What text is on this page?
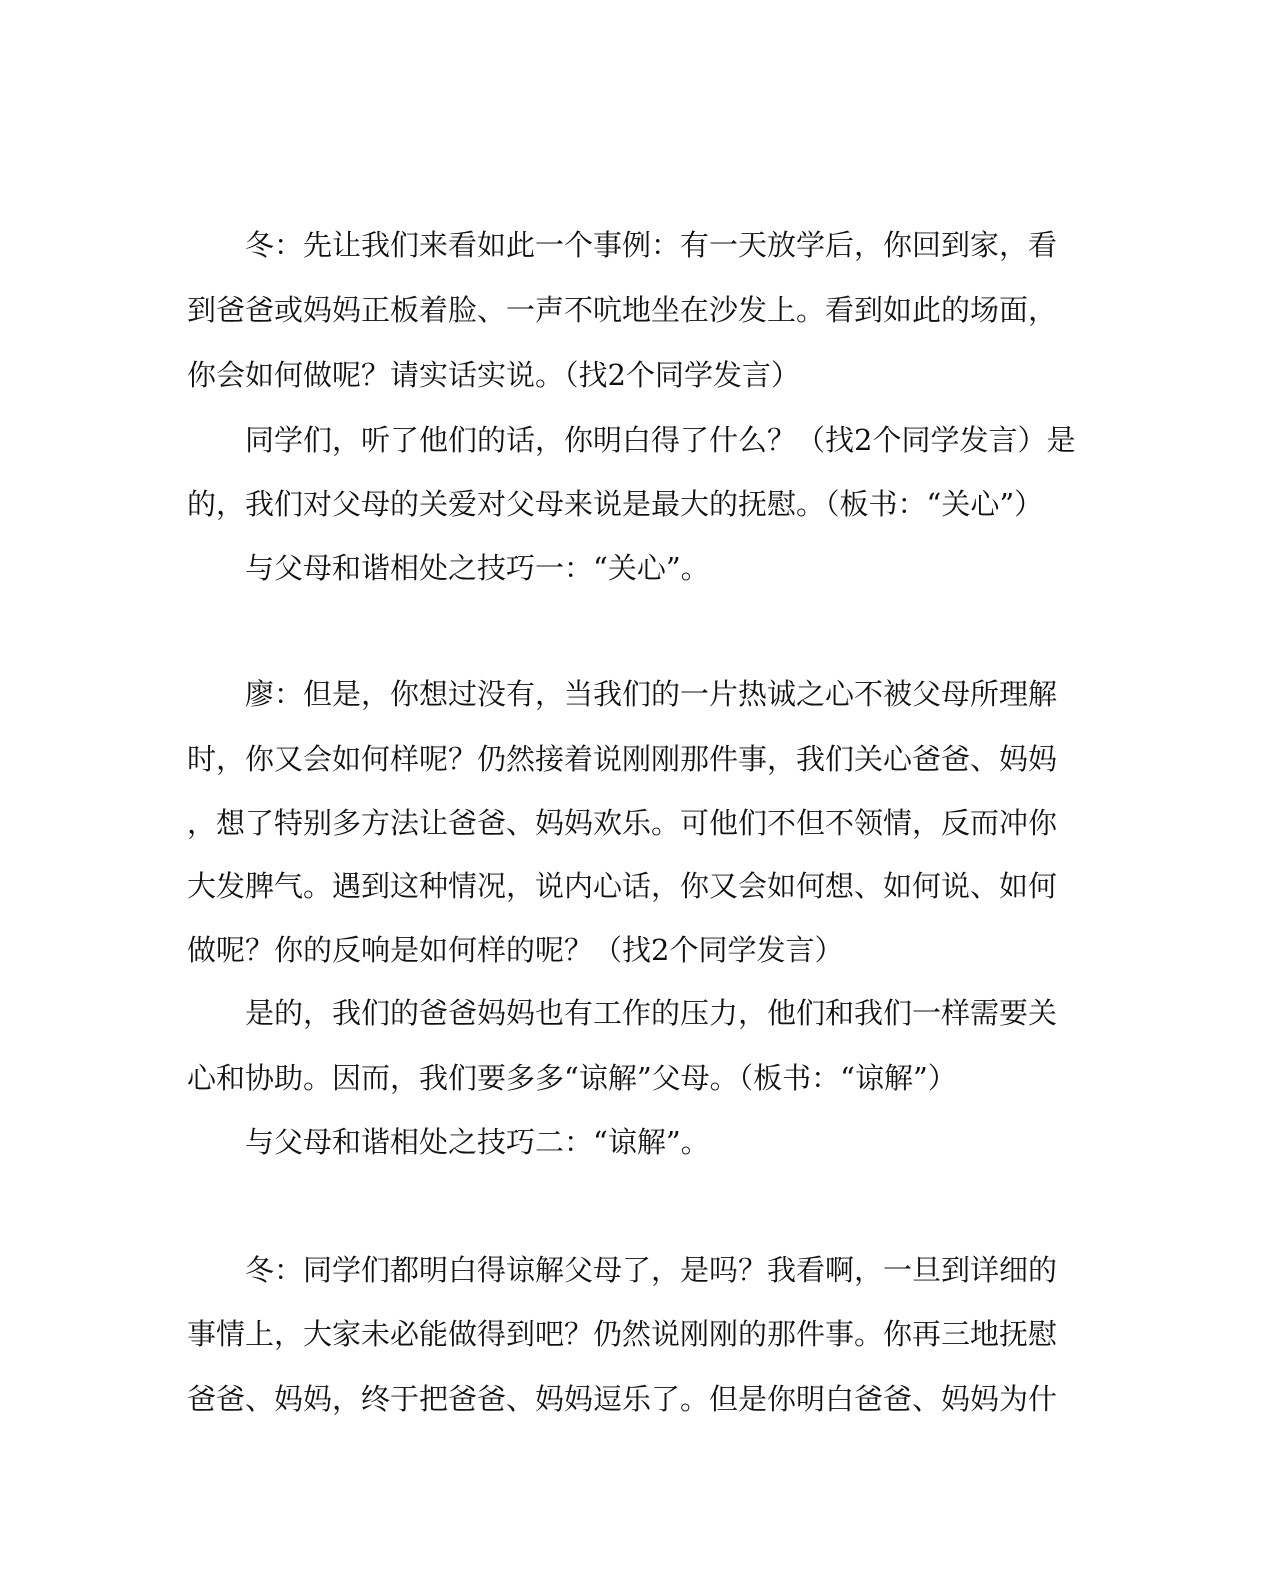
冬：先让我们来看如此一个事例：有一天放学后，你回到家，看

到爸爸或妈妈正板着脸、一声不吭地坐在沙发上。看到如此的场面，

你会如何做呢？请实话实说。（找2个同学发言）

同学们，听了他们的话，你明白得了什么？（找2个同学发言）是

的，我们对父母的关爱对父母来说是最大的抚慰。（板书：“关心”）

与父母和谐相处之技巧一：“关心”。

廖：但是，你想过没有，当我们的一片热诚之心不被父母所理解

时，你又会如何样呢？仍然接着说刚刚那件事，我们关心爸爸、妈妈

，想了特别多方法让爸爸、妈妈欢乐。可他们不但不领情，反而冲你

大发脾气。遇到这种情况，说内心话，你又会如何想、如何说、如何

做呢？你的反响是如何样的呢？（找2个同学发言）

是的，我们的爸爸妈妈也有工作的压力，他们和我们一样需要关

心和协助。因而，我们要多多“谅解”父母。（板书：“谅解”）

与父母和谐相处之技巧二：“谅解”。

冬：同学们都明白得谅解父母了，是吗？我看啊，一旦到详细的

事情上，大家未必能做得到吧？仍然说刚刚的那件事。你再三地抚慰

爸爸、妈妈，终于把爸爸、妈妈逗乐了。但是你明白爸爸、妈妈为什
